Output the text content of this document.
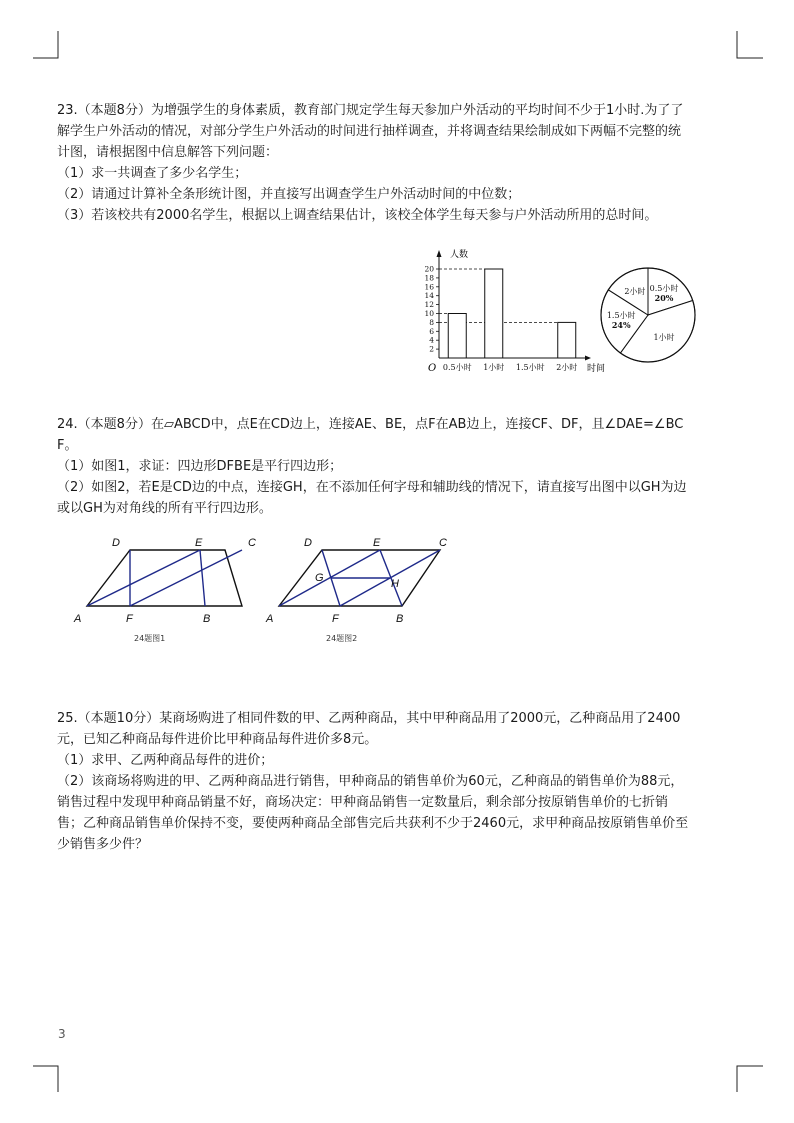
23.（本题8分）为增强学生的身体素质，教育部门规定学生每天参加户外活动的平均时间不少于1小时.为了了

解学生户外活动的情况，对部分学生户外活动的时间进行抽样调查，并将调查结果绘制成如下两幅不完整的统

计图，请根据图中信息解答下列问题：

（1）求一共调查了多少名学生；

（2）请通过计算补全条形统计图，并直接写出调查学生户外活动时间的中位数；

（3）若该校共有2000名学生，根据以上调查结果估计，该校全体学生每天参与户外活动所用的总时间。

2
4
6
8
10
12
14
16
18
20
0.5小时 1小时 1.5小时 2小时
人数
时间
O
0.5小时
20%
1小时
1.5小时
24%
2小时

24.（本题8分）在▱ABCD中，点E在CD边上，连接AE、BE，点F在AB边上，连接CF、DF，且∠DAE=∠BC

F。

（1）如图1，求证：四边形DFBE是平行四边形；

（2）如图2，若E是CD边的中点，连接GH，在不添加任何字母和辅助线的情况下，请直接写出图中以GH为边

或以GH为对角线的所有平行四边形。

D	E	C
A	F	B
24题图1
D	E	C
G	H
A	F	B
24题图2

25.（本题10分）某商场购进了相同件数的甲、乙两种商品，其中甲种商品用了2000元，乙种商品用了2400

元，已知乙种商品每件进价比甲种商品每件进价多8元。

（1）求甲、乙两种商品每件的进价；

（2）该商场将购进的甲、乙两种商品进行销售，甲种商品的销售单价为60元，乙种商品的销售单价为88元，

销售过程中发现甲种商品销量不好，商场决定：甲种商品销售一定数量后，剩余部分按原销售单价的七折销

售；乙种商品销售单价保持不变，要使两种商品全部售完后共获利不少于2460元，求甲种商品按原销售单价至

少销售多少件？

3
